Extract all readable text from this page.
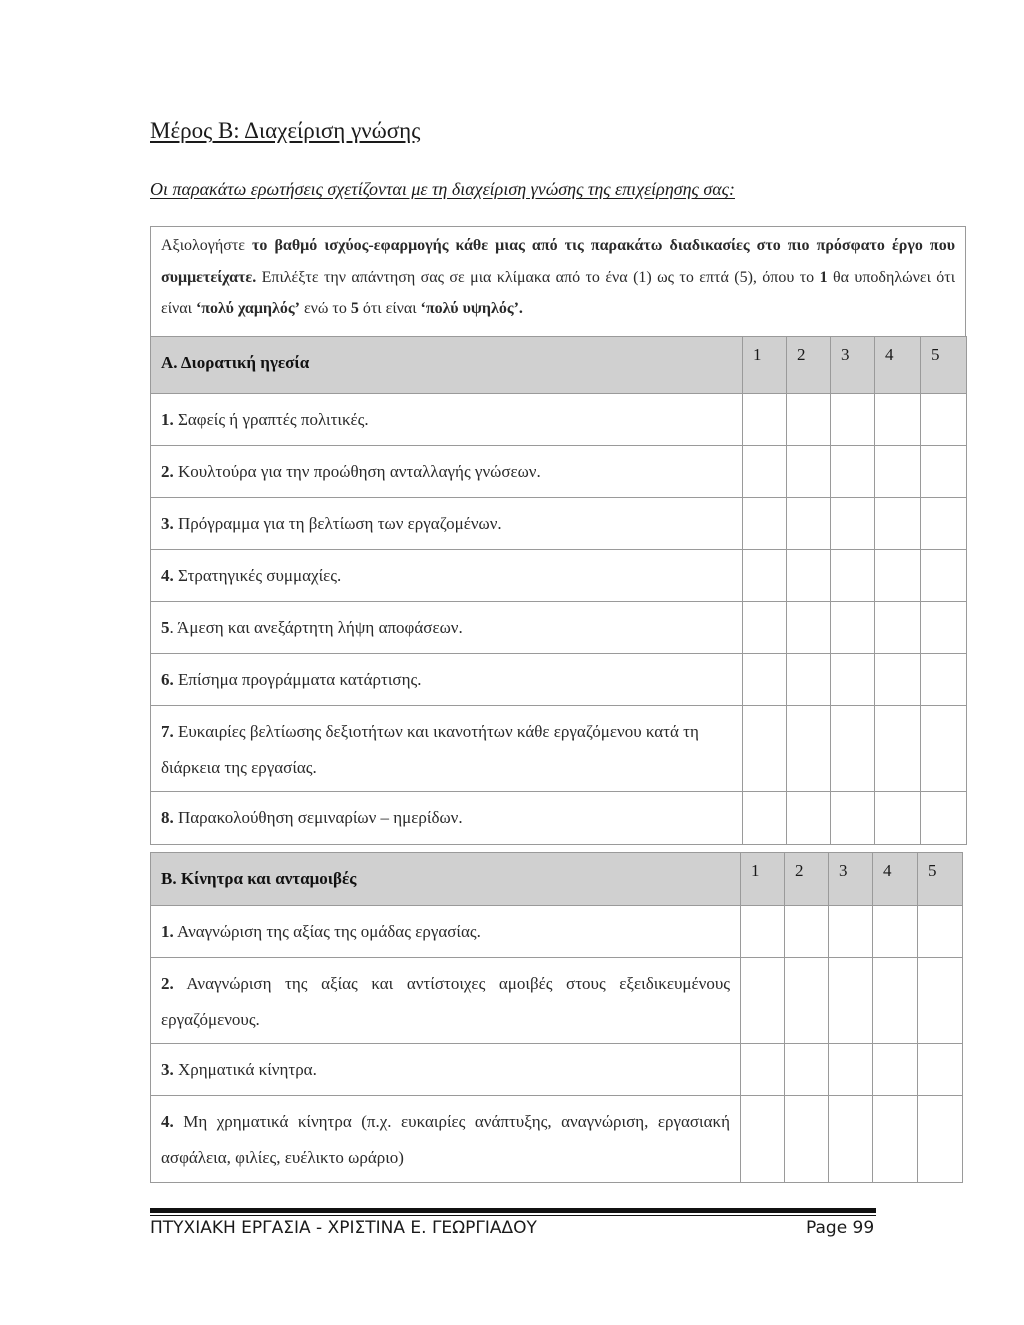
Μέρος Β: Διαχείριση γνώσης
Οι παρακάτω ερωτήσεις σχετίζονται με τη διαχείριση γνώσης της επιχείρησης σας:
Αξιολογήστε το βαθμό ισχύος-εφαρμογής κάθε μιας από τις παρακάτω διαδικασίες στο πιο πρόσφατο έργο που συμμετείχατε. Επιλέξτε την απάντηση σας σε μια κλίμακα από το ένα (1) ως το επτά (5), όπου το 1 θα υποδηλώνει ότι είναι ‘πολύ χαμηλός’ ενώ το 5 ότι είναι ‘πολύ υψηλός’.
Α. Διορατική ηγεσία	1	2	3	4	5
1. Σαφείς ή γραπτές πολιτικές.					
2. Κουλτούρα για την προώθηση ανταλλαγής γνώσεων.					
3. Πρόγραμμα για τη βελτίωση των εργαζομένων.					
4. Στρατηγικές συμμαχίες.					
5. Άμεση και ανεξάρτητη λήψη αποφάσεων.					
6. Επίσημα προγράμματα κατάρτισης.					
7. Ευκαιρίες βελτίωσης δεξιοτήτων και ικανοτήτων κάθε εργαζόμενου κατά τη διάρκεια της εργασίας.					
8. Παρακολούθηση σεμιναρίων – ημερίδων.					
Β. Κίνητρα και ανταμοιβές	1	2	3	4	5
1. Αναγνώριση της αξίας της ομάδας εργασίας.					
2. Αναγνώριση της αξίας και αντίστοιχες αμοιβές στους εξειδικευμένους εργαζόμενους.					
3. Χρηματικά κίνητρα.					
4. Μη χρηματικά κίνητρα (π.χ. ευκαιρίες ανάπτυξης, αναγνώριση, εργασιακή ασφάλεια, φιλίες, ευέλικτο ωράριο)					
ΠΤΥΧΙΑΚΗ ΕΡΓΑΣΙΑ - ΧΡΙΣΤΙΝΑ Ε. ΓΕΩΡΓΙΑΔΟΥ	Page 99
